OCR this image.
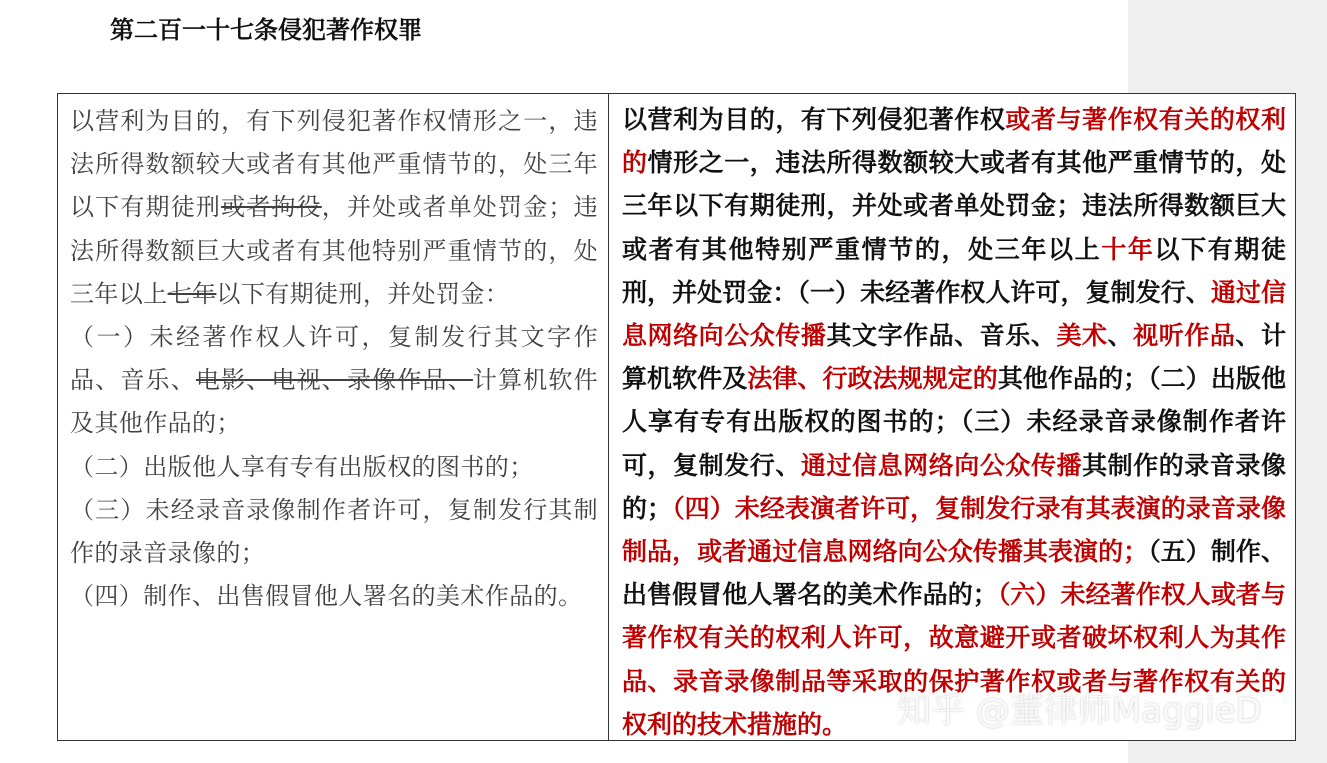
第二百一十七条侵犯著作权罪
以营利为目的，有下列侵犯著作权情形之一，违法所得数额较大或者有其他严重情节的，处三年以下有期徒刑或者拘役，并处或者单处罚金；违法所得数额巨大或者有其他特别严重情节的，处三年以上七年以下有期徒刑，并处罚金：
（一）未经著作权人许可，复制发行其文字作品、音乐、电影、电视、录像作品、计算机软件及其他作品的；
（二）出版他人享有专有出版权的图书的；
（三）未经录音录像制作者许可，复制发行其制作的录音录像的；
（四）制作、出售假冒他人署名的美术作品的。
以营利为目的，有下列侵犯著作权或者与著作权有关的权利的情形之一，违法所得数额较大或者有其他严重情节的，处三年以下有期徒刑，并处或者单处罚金；违法所得数额巨大或者有其他特别严重情节的，处三年以上十年以下有期徒刑，并处罚金：（一）未经著作权人许可，复制发行、通过信息网络向公众传播其文字作品、音乐、美术、视听作品、计算机软件及法律、行政法规规定的其他作品的；（二）出版他人享有专有出版权的图书的；（三）未经录音录像制作者许可，复制发行、通过信息网络向公众传播其制作的录音录像的；（四）未经表演者许可，复制发行录有其表演的录音录像制品，或者通过信息网络向公众传播其表演的；（五）制作、出售假冒他人署名的美术作品的；（六）未经著作权人或者与著作权有关的权利人许可，故意避开或者破坏权利人为其作品、录音录像制品等采取的保护著作权或者与著作权有关的权利的技术措施的。	知乎 @董律师MaggieD
